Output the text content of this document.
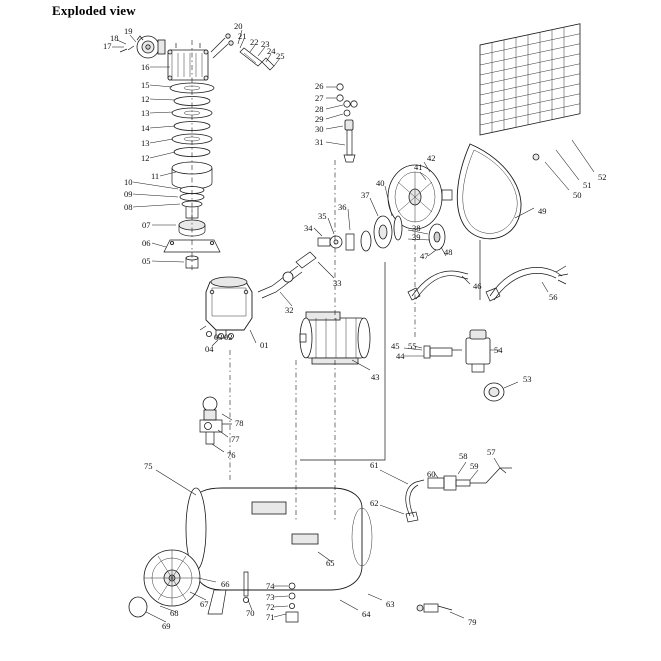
Exploded view
17
18
19	20
21
22 23
24 25
16
15
12
13
14
13
12
11
10
09
08
07
06
05
26
27
28
29
30
31
41
42
40
37
36
35
34	38
39
47 48
33
32
46
56
49
50
51
52
03 02
04	01	45 55
44
54
53
43
78
77
76
75	61
60
58
59
57
62
66
67
68
69
70 71
72
73
74
65
64
63
79
